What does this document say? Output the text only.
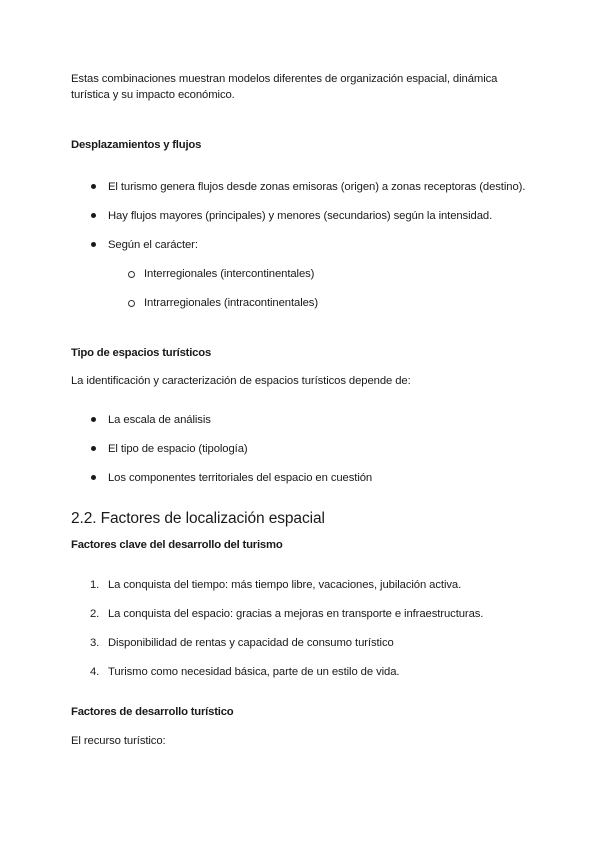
Estas combinaciones muestran modelos diferentes de organización espacial, dinámica
turística y su impacto económico.
Desplazamientos y flujos
El turismo genera flujos desde zonas emisoras (origen) a zonas receptoras (destino).
Hay flujos mayores (principales) y menores (secundarios) según la intensidad.
Según el carácter:
Interregionales (intercontinentales)
Intrarregionales (intracontinentales)
Tipo de espacios turísticos
La identificación y caracterización de espacios turísticos depende de:
La escala de análisis
El tipo de espacio (tipología)
Los componentes territoriales del espacio en cuestión
2.2. Factores de localización espacial
Factores clave del desarrollo del turismo
1. La conquista del tiempo: más tiempo libre, vacaciones, jubilación activa.
2. La conquista del espacio: gracias a mejoras en transporte e infraestructuras.
3. Disponibilidad de rentas y capacidad de consumo turístico
4. Turismo como necesidad básica, parte de un estilo de vida.
Factores de desarrollo turístico
El recurso turístico:
